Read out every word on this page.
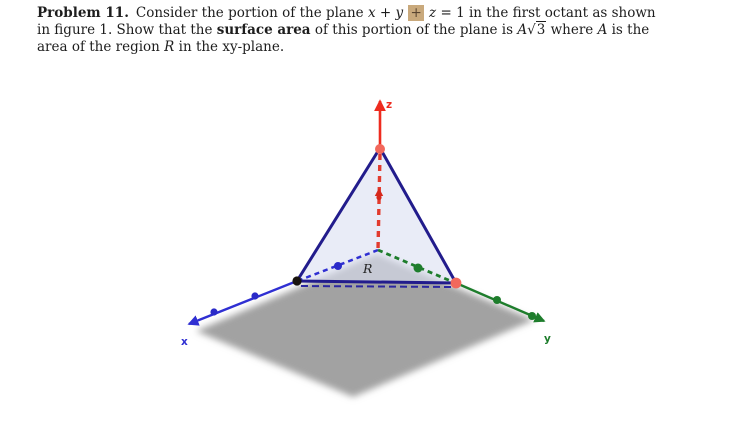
Problem 11. Consider the portion of the plane x + y + z = 1 in the first octant as shown
in figure 1. Show that the surface area of this portion of the plane is A√3 where A is the
area of the region R in the xy-plane.
x	y
z
R
